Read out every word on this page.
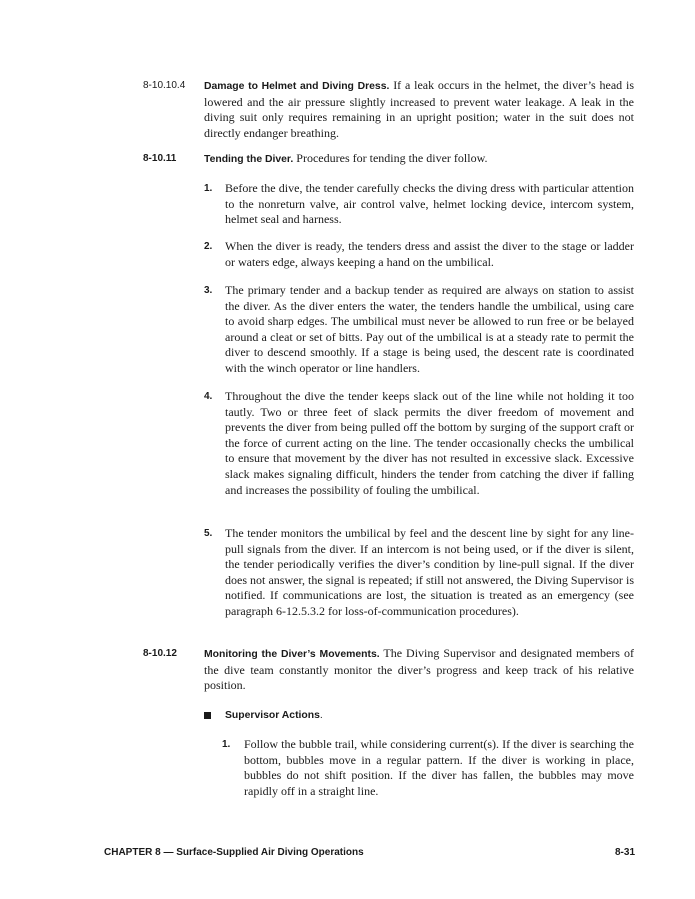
8-10.10.4 Damage to Helmet and Diving Dress. If a leak occurs in the helmet, the diver’s head is lowered and the air pressure slightly increased to prevent water leakage. A leak in the diving suit only requires remaining in an upright position; water in the suit does not directly endanger breathing.
8-10.11	Tending the Diver. Procedures for tending the diver follow.
1. Before the dive, the tender carefully checks the diving dress with particular attention to the nonreturn valve, air control valve, helmet locking device, intercom system, helmet seal and harness.
2. When the diver is ready, the tenders dress and assist the diver to the stage or ladder or waters edge, always keeping a hand on the umbilical.
3. The primary tender and a backup tender as required are always on station to assist the diver. As the diver enters the water, the tenders handle the umbilical, using care to avoid sharp edges. The umbilical must never be allowed to run free or be belayed around a cleat or set of bitts. Pay out of the umbilical is at a steady rate to permit the diver to descend smoothly. If a stage is being used, the descent rate is coordinated with the winch operator or line handlers.
4. Throughout the dive the tender keeps slack out of the line while not holding it too tautly. Two or three feet of slack permits the diver freedom of movement and prevents the diver from being pulled off the bottom by surging of the support craft or the force of current acting on the line. The tender occasionally checks the umbilical to ensure that movement by the diver has not resulted in excessive slack. Excessive slack makes signaling difficult, hinders the tender from catching the diver if falling and increases the possibility of fouling the umbilical.
5. The tender monitors the umbilical by feel and the descent line by sight for any line-pull signals from the diver. If an intercom is not being used, or if the diver is silent, the tender periodically verifies the diver’s condition by line-pull signal. If the diver does not answer, the signal is repeated; if still not answered, the Diving Supervisor is notified. If communications are lost, the situation is treated as an emergency (see paragraph 6-12.5.3.2 for loss-of-communication procedures).
8-10.12	Monitoring the Diver’s Movements. The Diving Supervisor and designated members of the dive team constantly monitor the diver’s progress and keep track of his relative position.
Supervisor Actions.
1. Follow the bubble trail, while considering current(s). If the diver is searching the bottom, bubbles move in a regular pattern. If the diver is working in place, bubbles do not shift position. If the diver has fallen, the bubbles may move rapidly off in a straight line.
CHAPTER 8 — Surface-Supplied Air Diving Operations	8-31
